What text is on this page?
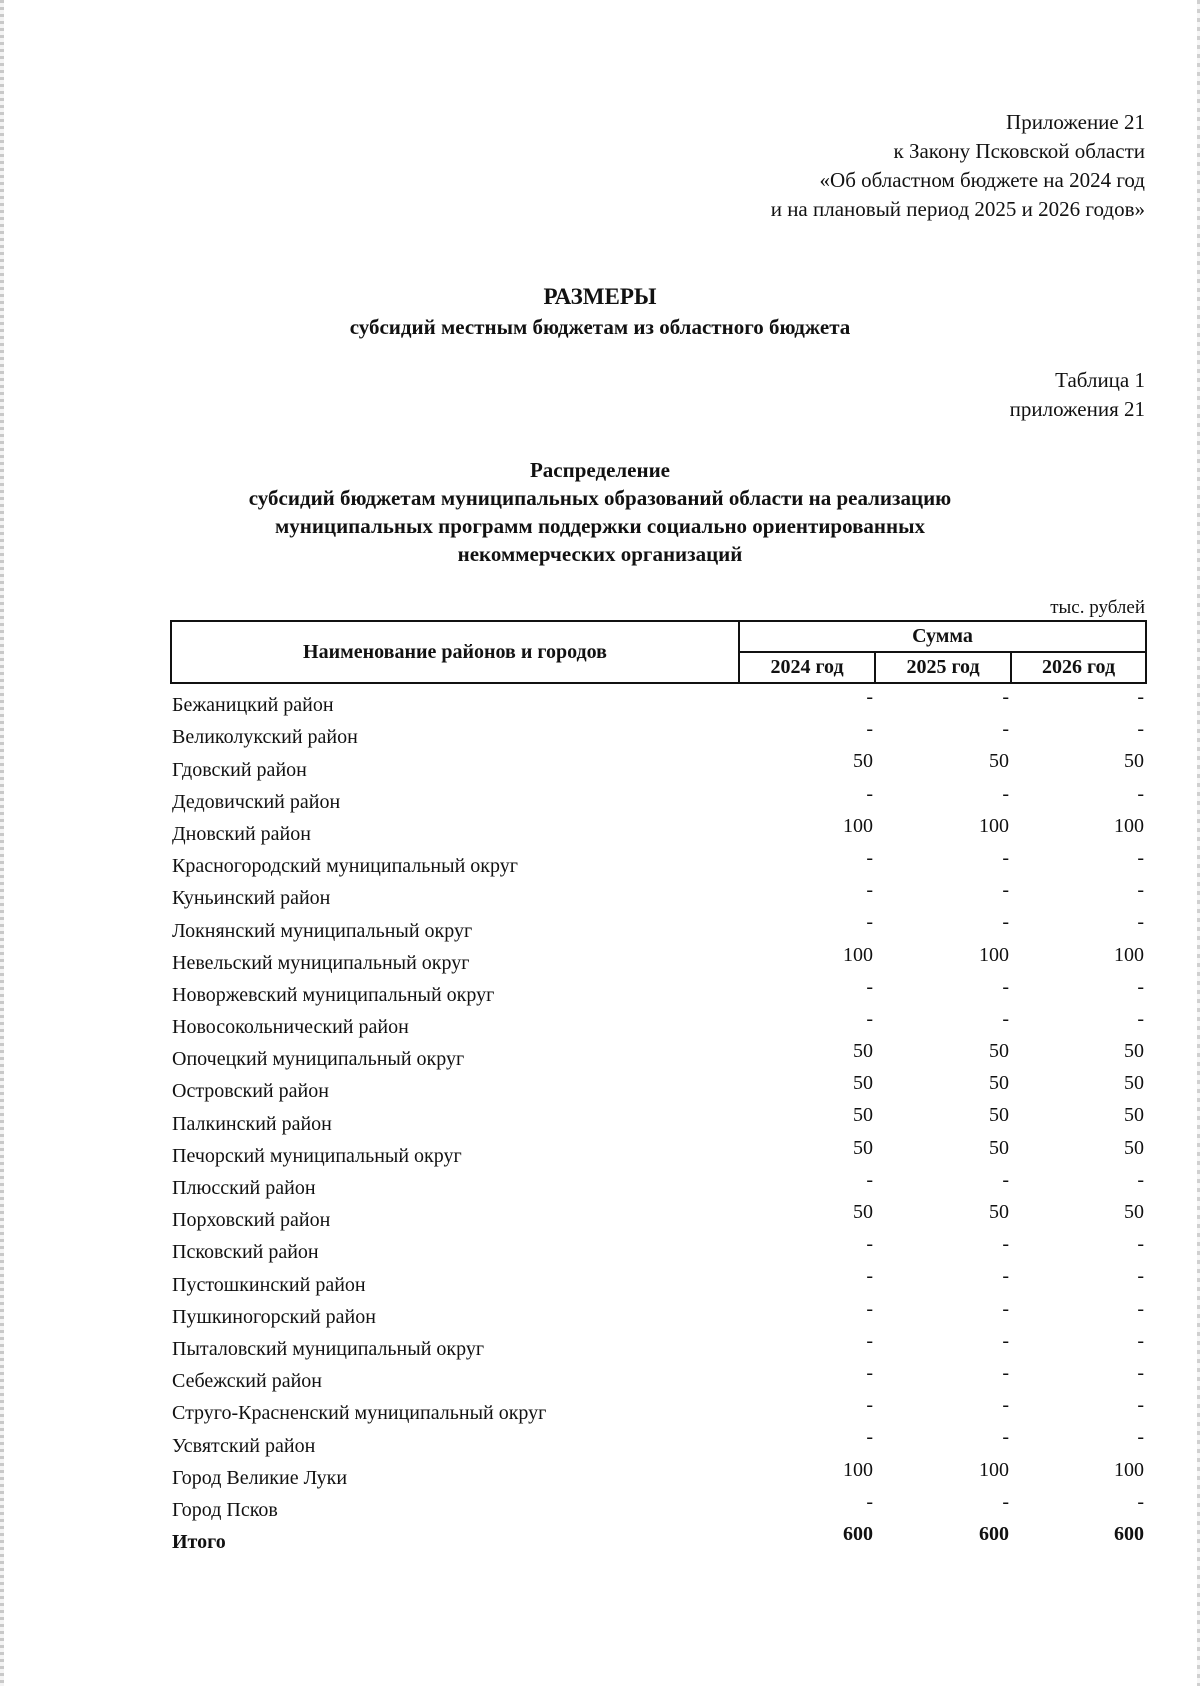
Приложение 21
к Закону Псковской области
«Об областном бюджете на 2024 год
и на плановый период 2025 и 2026 годов»
РАЗМЕРЫ
субсидий местным бюджетам из областного бюджета
Таблица 1
приложения 21
Распределение
субсидий бюджетам муниципальных образований области на реализацию
муниципальных программ поддержки социально ориентированных
некоммерческих организаций
тыс. рублей
Наименование районов и городов	Сумма		
	2024 год	2025 год	2026 год
Бежаницкий район	-	-	-
Великолукский район	-	-	-
Гдовский район	50	50	50
Дедовичский район	-	-	-
Дновский район	100	100	100
Красногородский муниципальный округ	-	-	-
Куньинский район	-	-	-
Локнянский муниципальный округ	-	-	-
Невельский муниципальный округ	100	100	100
Новоржевский муниципальный округ	-	-	-
Новосокольнический район	-	-	-
Опочецкий муниципальный округ	50	50	50
Островский район	50	50	50
Палкинский район	50	50	50
Печорский муниципальный округ	50	50	50
Плюсский район	-	-	-
Порховский район	50	50	50
Псковский район	-	-	-
Пустошкинский район	-	-	-
Пушкиногорский район	-	-	-
Пыталовский муниципальный округ	-	-	-
Себежский район	-	-	-
Струго-Красненский муниципальный округ	-	-	-
Усвятский район	-	-	-
Город Великие Луки	100	100	100
Город Псков	-	-	-
Итого	600	600	600
